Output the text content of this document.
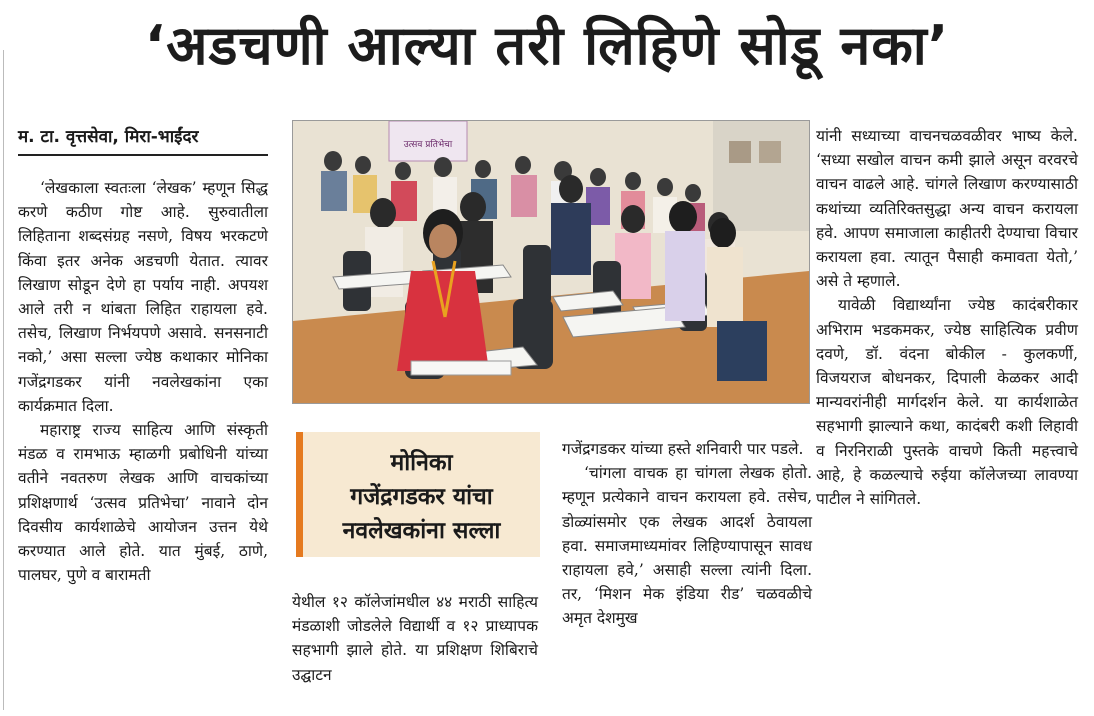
‘अडचणी आल्या तरी लिहिणे सोडू नका’
म. टा. वृत्तसेवा, मिरा-भाईंदर

‘लेखकाला स्वतःला ‘लेखक’ म्हणून सिद्ध करणे कठीण गोष्ट आहे. सुरुवातीला लिहिताना शब्दसंग्रह नसणे, विषय भरकटणे किंवा इतर अनेक अडचणी येतात. त्यावर लिखाण सोडून देणे हा पर्याय नाही. अपयश आले तरी न थांबता लिहित राहायला हवे. तसेच, लिखाण निर्भयपणे असावे. सनसनाटी नको,’ असा सल्ला ज्येष्ठ कथाकार मोनिका गजेंद्रगडकर यांनी नवलेखकांना एका कार्यक्रमात दिला.

महाराष्ट्र राज्य साहित्य आणि संस्कृती मंडळ व रामभाऊ म्हाळगी प्रबोधिनी यांच्या वतीने नवतरुण लेखक आणि वाचकांच्या प्रशिक्षणार्थ ‘उत्सव प्रतिभेचा’ नावाने दोन दिवसीय कार्यशाळेचे आयोजन उत्तन येथे करण्यात आले होते. यात मुंबई, ठाणे, पालघर, पुणे व बारामती

उत्सव प्रतिभेचा
मोनिका
गजेंद्रगडकर यांचा
नवलेखकांना सल्ला

येथील १२ कॉलेजांमधील ४४ मराठी साहित्य मंडळाशी जोडलेले विद्यार्थी व १२ प्राध्यापक सहभागी झाले होते. या प्रशिक्षण शिबिराचे उद्घाटन

गजेंद्रगडकर यांच्या हस्ते शनिवारी पार पडले.

‘चांगला वाचक हा चांगला लेखक होतो. म्हणून प्रत्येकाने वाचन करायला हवे. तसेच, डोळ्यांसमोर एक लेखक आदर्श ठेवायला हवा. समाजमाध्यमांवर लिहिण्यापासून सावध राहायला हवे,’ असाही सल्ला त्यांनी दिला. तर, ‘मिशन मेक इंडिया रीड’ चळवळीचे अमृत देशमुख

यांनी सध्याच्या वाचनचळवळीवर भाष्य केले. ‘सध्या सखोल वाचन कमी झाले असून वरवरचे वाचन वाढले आहे. चांगले लिखाण करण्यासाठी कथांच्या व्यतिरिक्तसुद्धा अन्य वाचन करायला हवे. आपण समाजाला काहीतरी देण्याचा विचार करायला हवा. त्यातून पैसाही कमावता येतो,’ असे ते म्हणाले.

यावेळी विद्यार्थ्यांना ज्येष्ठ कादंबरीकार अभिराम भडकमकर, ज्येष्ठ साहित्यिक प्रवीण दवणे, डॉ. वंदना बोकील - कुलकर्णी, विजयराज बोधनकर, दिपाली केळकर आदी मान्यवरांनीही मार्गदर्शन केले. या कार्यशाळेत सहभागी झाल्याने कथा, कादंबरी कशी लिहावी व निरनिराळी पुस्तके वाचणे किती महत्त्वाचे आहे, हे कळल्याचे रुईया कॉलेजच्या लावण्या पाटील ने सांगितले.
